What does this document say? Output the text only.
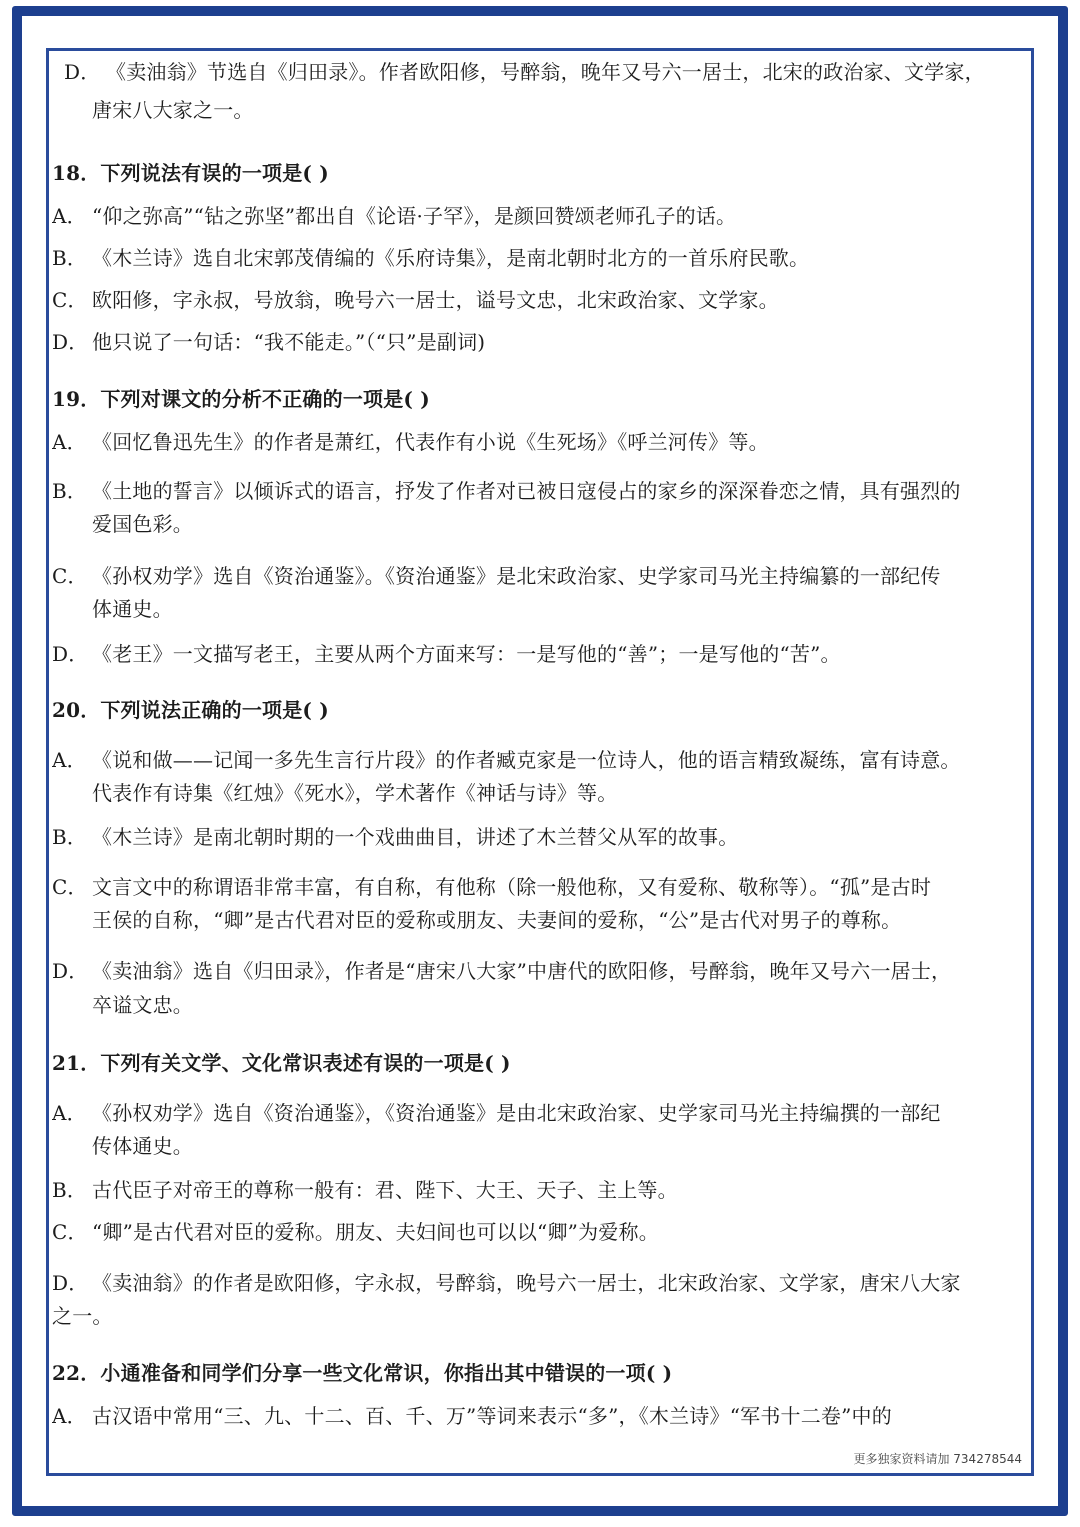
D． 《卖油翁》节选自《归田录》。作者欧阳修，号醉翁，晚年又号六一居士，北宋的政治家、文学家，
唐宋八大家之一。
18．下列说法有误的一项是( )
A． “仰之弥高”“钻之弥坚”都出自《论语·子罕》，是颜回赞颂老师孔子的话。
B． 《木兰诗》选自北宋郭茂倩编的《乐府诗集》，是南北朝时北方的一首乐府民歌。
C． 欧阳修，字永叔，号放翁，晚号六一居士，谥号文忠，北宋政治家、文学家。
D． 他只说了一句话：“我不能走。”（“只”是副词)
19．下列对课文的分析不正确的一项是( )
A． 《回忆鲁迅先生》的作者是萧红，代表作有小说《生死场》《呼兰河传》等。
B． 《土地的誓言》以倾诉式的语言，抒发了作者对已被日寇侵占的家乡的深深眷恋之情，具有强烈的
爱国色彩。
C． 《孙权劝学》选自《资治通鉴》。《资治通鉴》是北宋政治家、史学家司马光主持编纂的一部纪传
体通史。
D． 《老王》一文描写老王，主要从两个方面来写：一是写他的“善”；一是写他的“苦”。
20．下列说法正确的一项是( )
A． 《说和做——记闻一多先生言行片段》的作者臧克家是一位诗人，他的语言精致凝练，富有诗意。
代表作有诗集《红烛》《死水》，学术著作《神话与诗》等。
B． 《木兰诗》是南北朝时期的一个戏曲曲目，讲述了木兰替父从军的故事。
C． 文言文中的称谓语非常丰富，有自称，有他称（除一般他称，又有爱称、敬称等）。“孤”是古时
王侯的自称，“卿”是古代君对臣的爱称或朋友、夫妻间的爱称，“公”是古代对男子的尊称。
D． 《卖油翁》选自《归田录》，作者是“唐宋八大家”中唐代的欧阳修，号醉翁，晚年又号六一居士，
卒谥文忠。
21．下列有关文学、文化常识表述有误的一项是( )
A． 《孙权劝学》选自《资治通鉴》，《资治通鉴》是由北宋政治家、史学家司马光主持编撰的一部纪
传体通史。
B． 古代臣子对帝王的尊称一般有：君、陛下、大王、天子、主上等。
C． “卿”是古代君对臣的爱称。朋友、夫妇间也可以以“卿”为爱称。
D． 《卖油翁》的作者是欧阳修，字永叔，号醉翁，晚号六一居士，北宋政治家、文学家，唐宋八大家
之一。
22．小通准备和同学们分享一些文化常识，你指出其中错误的一项( )
A． 古汉语中常用“三、九、十二、百、千、万”等词来表示“多”，《木兰诗》“军书十二卷”中的
更多独家资料请加 734278544
